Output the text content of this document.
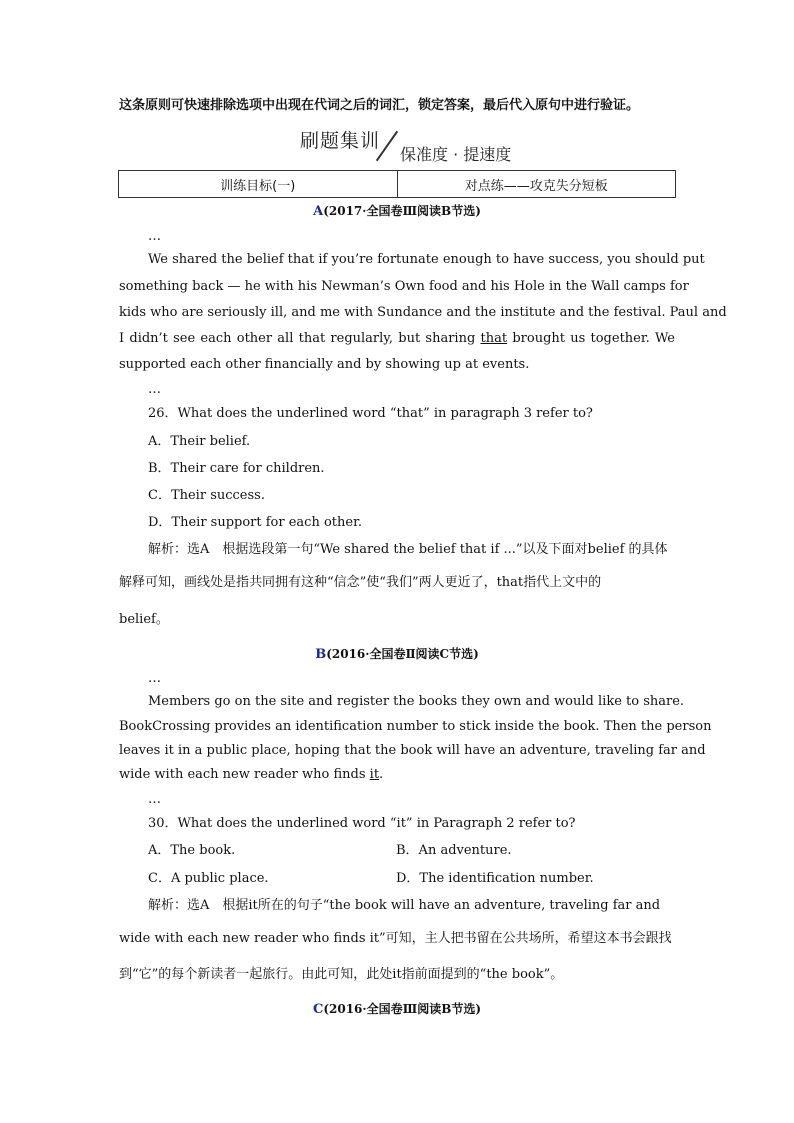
这条原则可快速排除选项中出现在代词之后的词汇，锁定答案，最后代入原句中进行验证。
刷题集训
保准度 · 提速度
训练目标(一)	对点练——攻克失分短板
A(2017·全国卷Ⅲ阅读B节选)
…
We shared the belief that if you’re fortunate enough to have success, you should put
something back — he with his Newman’s Own food and his Hole in the Wall camps for
kids who are seriously ill, and me with Sundance and the institute and the festival. Paul and
I didn’t see each other all that regularly, but sharing that brought us together. We
supported each other financially and by showing up at events.
…
26．What does the underlined word “that” in paragraph 3 refer to?
A．Their belief.
B．Their care for children.
C．Their success.
D．Their support for each other.
解析：选A　根据选段第一句“We shared the belief that if ...”以及下面对belief 的具体
解释可知，画线处是指共同拥有这种“信念”使“我们”两人更近了，that指代上文中的
belief。
B(2016·全国卷Ⅱ阅读C节选)
…
Members go on the site and register the books they own and would like to share.
BookCrossing provides an identification number to stick inside the book. Then the person
leaves it in a public place, hoping that the book will have an adventure, traveling far and
wide with each new reader who finds it.
…
30．What does the underlined word “it” in Paragraph 2 refer to?
A．The book.	B．An adventure.
C．A public place.	D．The identification number.
解析：选A　根据it所在的句子“the book will have an adventure, traveling far and
wide with each new reader who finds it”可知，主人把书留在公共场所，希望这本书会跟找
到“它”的每个新读者一起旅行。由此可知，此处it指前面提到的“the book”。
C(2016·全国卷Ⅲ阅读B节选)
